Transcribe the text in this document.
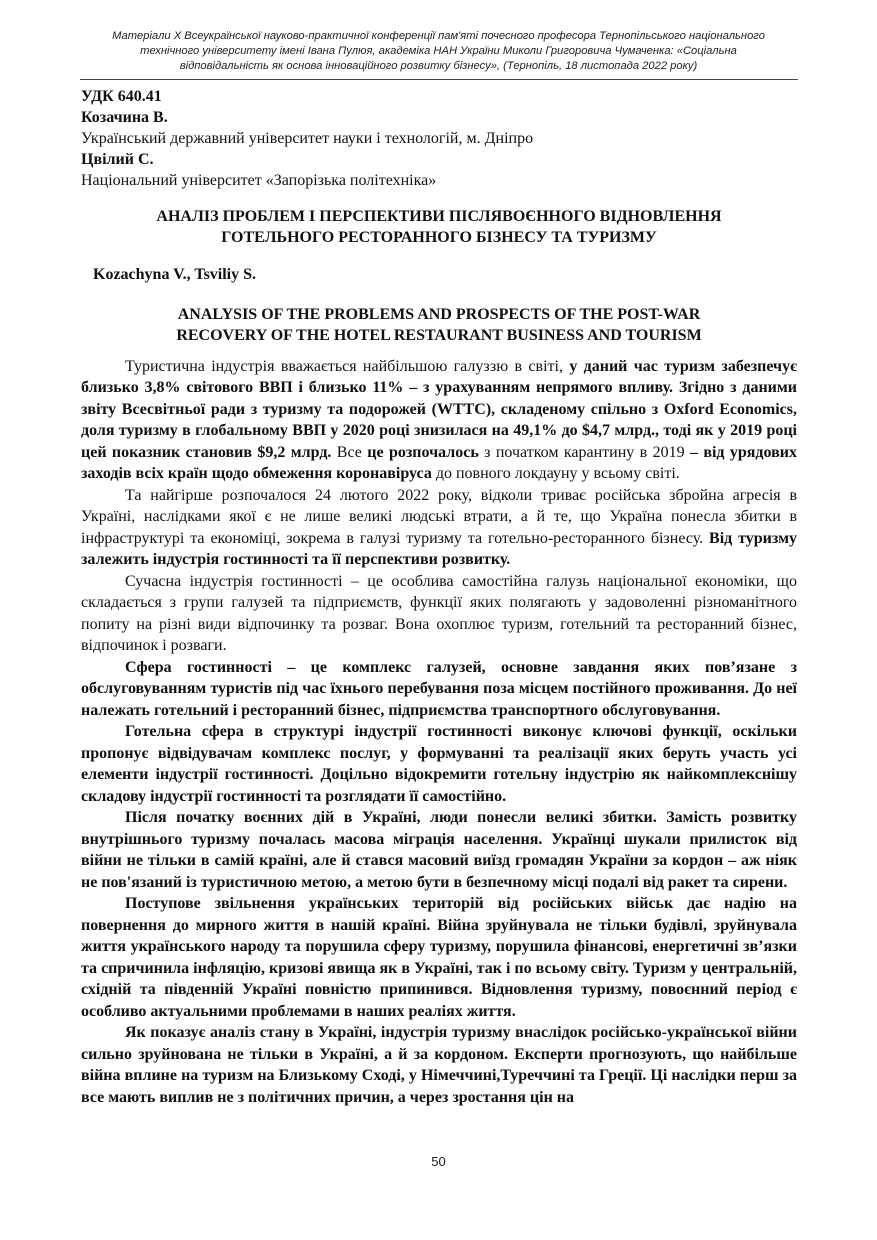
Матеріали X Всеукраїнської науково-практичної конференції пам'яті почесного професора Тернопільського національного
технічного університету імені Івана Пулюя, академіка НАН України Миколи Григоровича Чумаченка: «Соціальна
відповідальність як основа інноваційного розвитку бізнесу», (Тернопіль, 18 листопада 2022 року)
УДК 640.41
Козачина В.
Український державний університет науки і технологій, м. Дніпро
Цвілий С.
Національний університет «Запорізька політехніка»
АНАЛІЗ ПРОБЛЕМ І ПЕРСПЕКТИВИ ПІСЛЯВОЄННОГО ВІДНОВЛЕННЯ
ГОТЕЛЬНОГО РЕСТОРАННОГО БІЗНЕСУ ТА ТУРИЗМУ
Kozachyna V., Tsviliy S.
ANALYSIS OF THE PROBLEMS AND PROSPECTS OF THE POST-WAR
RECOVERY OF THE HOTEL RESTAURANT BUSINESS AND TOURISM

Туристична індустрія вважається найбільшою галуззю в світі, у даний час туризм забезпечує близько 3,8% світового ВВП і близько 11% – з урахуванням непрямого впливу. Згідно з даними звіту Всесвітньої ради з туризму та подорожей (WTTC), складеному спільно з Oxford Economics, доля туризму в глобальному ВВП у 2020 році знизилася на 49,1% до $4,7 млрд., тоді як у 2019 році цей показник становив $9,2 млрд. Все це розпочалось з початком карантину в 2019 – від урядових заходів всіх країн щодо обмеження коронавіруса до повного локдауну у всьому світі.

Та найгірше розпочалося 24 лютого 2022 року, відколи триває російська збройна агресія в Україні, наслідками якої є не лише великі людські втрати, а й те, що Україна понесла збитки в інфраструктурі та економіці, зокрема в галузі туризму та готельно-ресторанного бізнесу. Від туризму залежить індустрія гостинності та її перспективи розвитку.

Сучасна індустрія гостинності – це особлива самостійна галузь національної економіки, що складається з групи галузей та підприємств, функції яких полягають у задоволенні різноманітного попиту на різні види відпочинку та розваг. Вона охоплює туризм, готельний та ресторанний бізнес, відпочинок і розваги.

Сфера гостинності – це комплекс галузей, основне завдання яких пов’язане з обслуговуванням туристів під час їхнього перебування поза місцем постійного проживання. До неї належать готельний і ресторанний бізнес, підприємства транспортного обслуговування.

Готельна сфера в структурі індустрії гостинності виконує ключові функції, оскільки пропонує відвідувачам комплекс послуг, у формуванні та реалізації яких беруть участь усі елементи індустрії гостинності. Доцільно відокремити готельну індустрію як найкомплекснішу складову індустрії гостинності та розглядати її самостійно.

Після початку воєнних дій в Україні, люди понесли великі збитки. Замість розвитку внутрішнього туризму почалась масова міграція населення. Українці шукали прилисток від війни не тільки в самій країні, але й стався масовий виїзд громадян України за кордон – аж ніяк не пов'язаний із туристичною метою, а метою бути в безпечному місці подалі від ракет та сирени.

Поступове звільнення українських територій від російських військ дає надію на повернення до мирного життя в нашій країні. Війна зруйнувала не тільки будівлі, зруйнувала життя українського народу та порушила сферу туризму, порушила фінансові, енергетичні зв’язки та спричинила інфляцію, кризові явища як в Україні, так і по всьому світу. Туризм у центральній, східній та південній Україні повністю припинився. Відновлення туризму, повоєнний період є особливо актуальними проблемами в наших реаліях життя.

Як показує аналіз стану в Україні, індустрія туризму внаслідок російсько-української війни сильно зруйнована не тільки в Україні, а й за кордоном. Експерти прогнозують, що найбільше війна вплине на туризм на Близькому Сході, у Німеччині,Туреччині та Греції. Ці наслідки перш за все мають виплив не з політичних причин, а через зростання цін на

50
